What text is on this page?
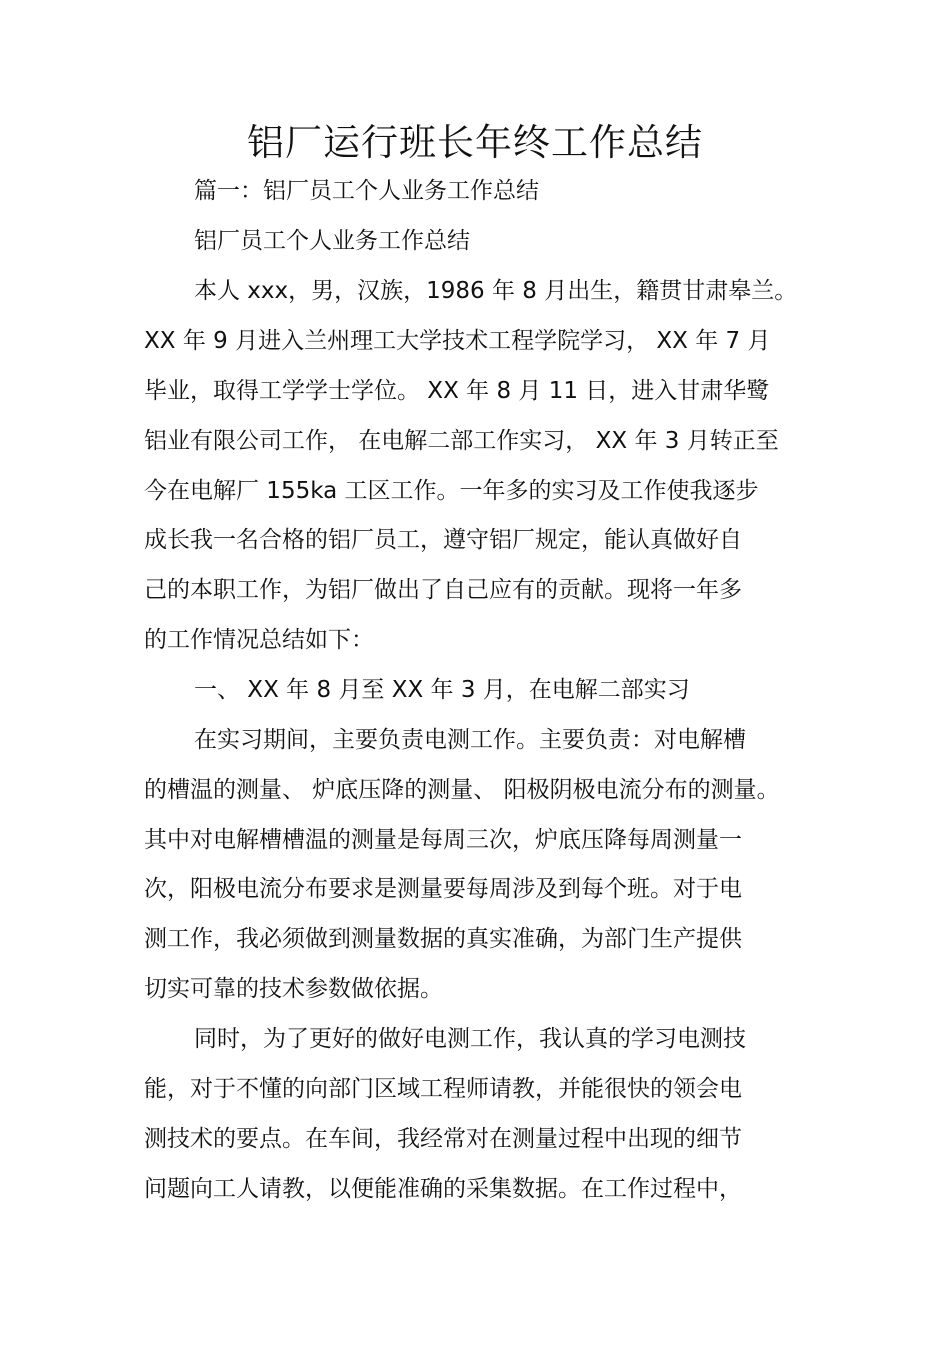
铝厂运行班长年终工作总结
篇一：铝厂员工个人业务工作总结
铝厂员工个人业务工作总结
本人 xxx，男，汉族，1986 年 8 月出生，籍贯甘肃皋兰。
XX 年 9 月进入兰州理工大学技术工程学院学习， XX 年 7 月
毕业，取得工学学士学位。 XX 年 8 月 11 日，进入甘肃华鹭
铝业有限公司工作， 在电解二部工作实习， XX 年 3 月转正至
今在电解厂 155ka 工区工作。一年多的实习及工作使我逐步
成长我一名合格的铝厂员工，遵守铝厂规定，能认真做好自
己的本职工作，为铝厂做出了自己应有的贡献。现将一年多
的工作情况总结如下：
一、 XX 年 8 月至 XX 年 3 月，在电解二部实习
在实习期间，主要负责电测工作。主要负责：对电解槽
的槽温的测量、 炉底压降的测量、 阳极阴极电流分布的测量。
其中对电解槽槽温的测量是每周三次，炉底压降每周测量一
次，阳极电流分布要求是测量要每周涉及到每个班。对于电
测工作，我必须做到测量数据的真实准确，为部门生产提供
切实可靠的技术参数做依据。
同时，为了更好的做好电测工作，我认真的学习电测技
能，对于不懂的向部门区域工程师请教，并能很快的领会电
测技术的要点。在车间，我经常对在测量过程中出现的细节
问题向工人请教，以便能准确的采集数据。在工作过程中，
